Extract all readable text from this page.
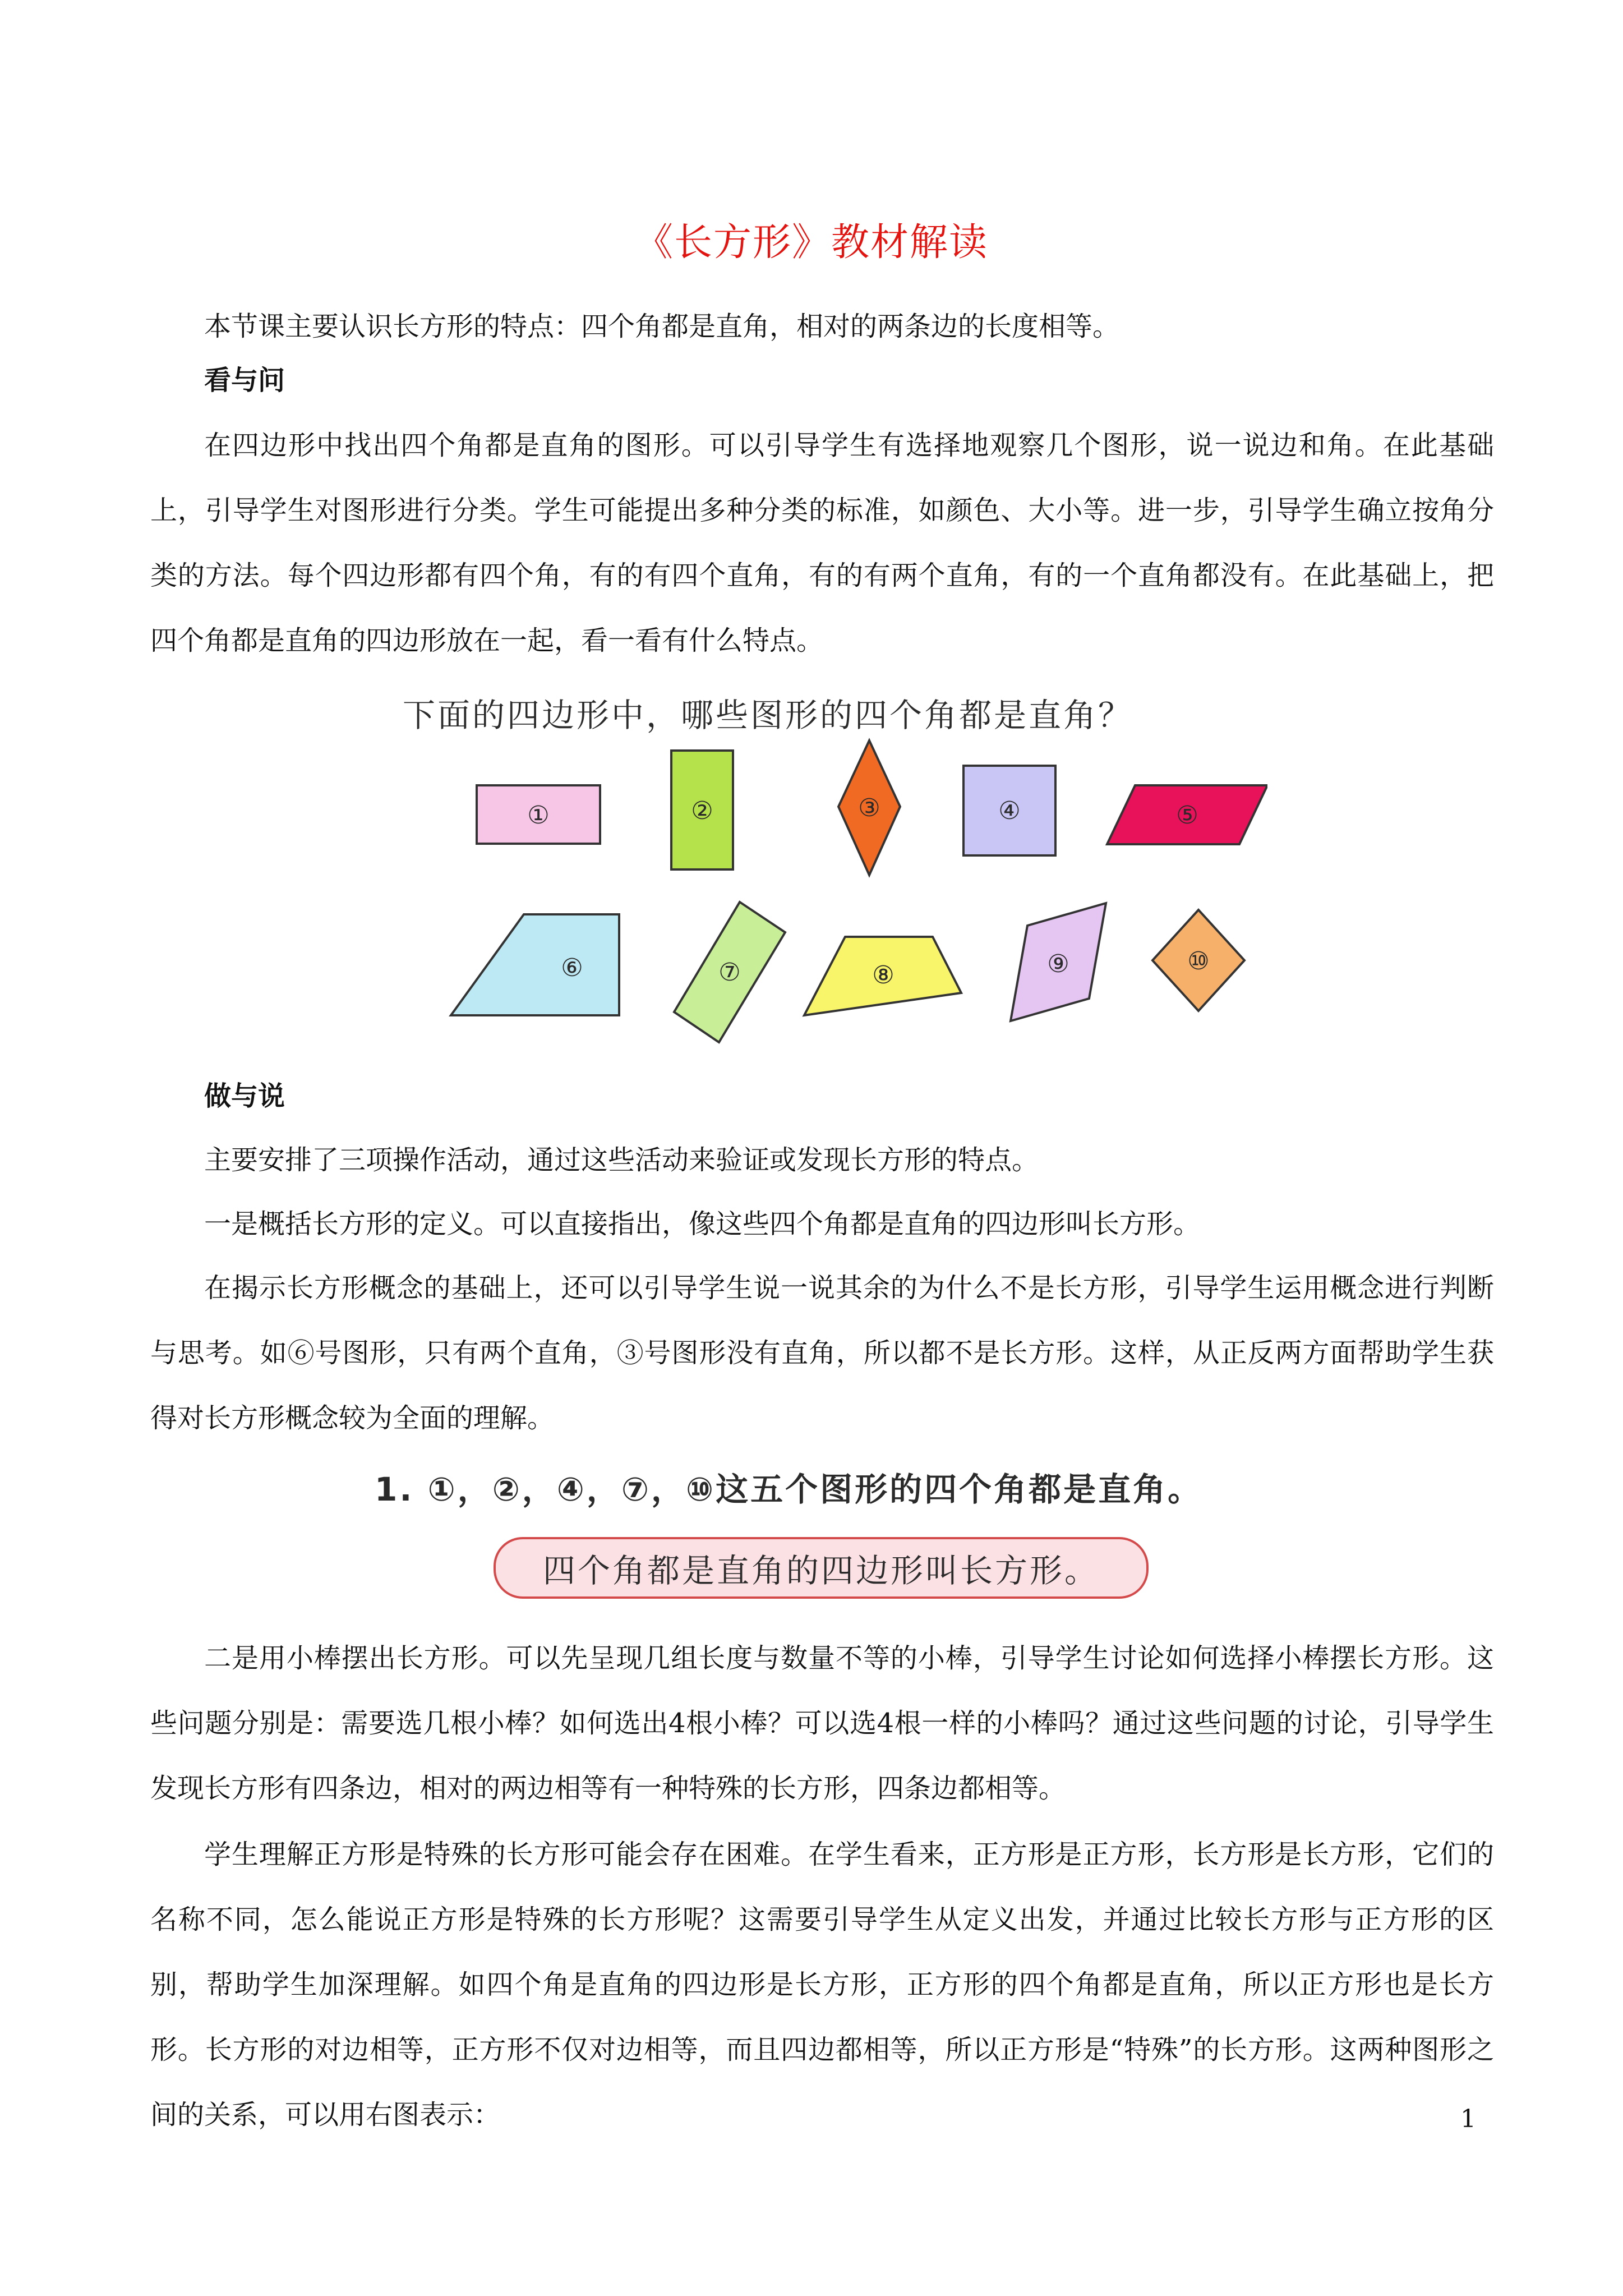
《长方形》教材解读

本节课主要认识长方形的特点：四个角都是直角，相对的两条边的长度相等。

看与问

在四边形中找出四个角都是直角的图形。可以引导学生有选择地观察几个图形，说一说边和角。在此基础上，引导学生对图形进行分类。学生可能提出多种分类的标准，如颜色、大小等。进一步，引导学生确立按角分类的方法。每个四边形都有四个角，有的有四个直角，有的有两个直角，有的一个直角都没有。在此基础上，把四个角都是直角的四边形放在一起，看一看有什么特点。

下面的四边形中，哪些图形的四个角都是直角？
①	②	③	④	⑤
⑥	⑦	⑧	⑨	⑩

做与说

主要安排了三项操作活动，通过这些活动来验证或发现长方形的特点。

一是概括长方形的定义。可以直接指出，像这些四个角都是直角的四边形叫长方形。

在揭示长方形概念的基础上，还可以引导学生说一说其余的为什么不是长方形，引导学生运用概念进行判断与思考。如⑥号图形，只有两个直角，③号图形没有直角，所以都不是长方形。这样，从正反两方面帮助学生获得对长方形概念较为全面的理解。

1. ①，②，④，⑦，⑩这五个图形的四个角都是直角。
四个角都是直角的四边形叫长方形。

二是用小棒摆出长方形。可以先呈现几组长度与数量不等的小棒，引导学生讨论如何选择小棒摆长方形。这些问题分别是：需要选几根小棒？如何选出4根小棒？可以选4根一样的小棒吗？通过这些问题的讨论，引导学生发现长方形有四条边，相对的两边相等有一种特殊的长方形，四条边都相等。

学生理解正方形是特殊的长方形可能会存在困难。在学生看来，正方形是正方形，长方形是长方形，它们的名称不同，怎么能说正方形是特殊的长方形呢？这需要引导学生从定义出发，并通过比较长方形与正方形的区别，帮助学生加深理解。如四个角是直角的四边形是长方形，正方形的四个角都是直角，所以正方形也是长方形。长方形的对边相等，正方形不仅对边相等，而且四边都相等，所以正方形是“特殊”的长方形。这两种图形之间的关系，可以用右图表示：	1
